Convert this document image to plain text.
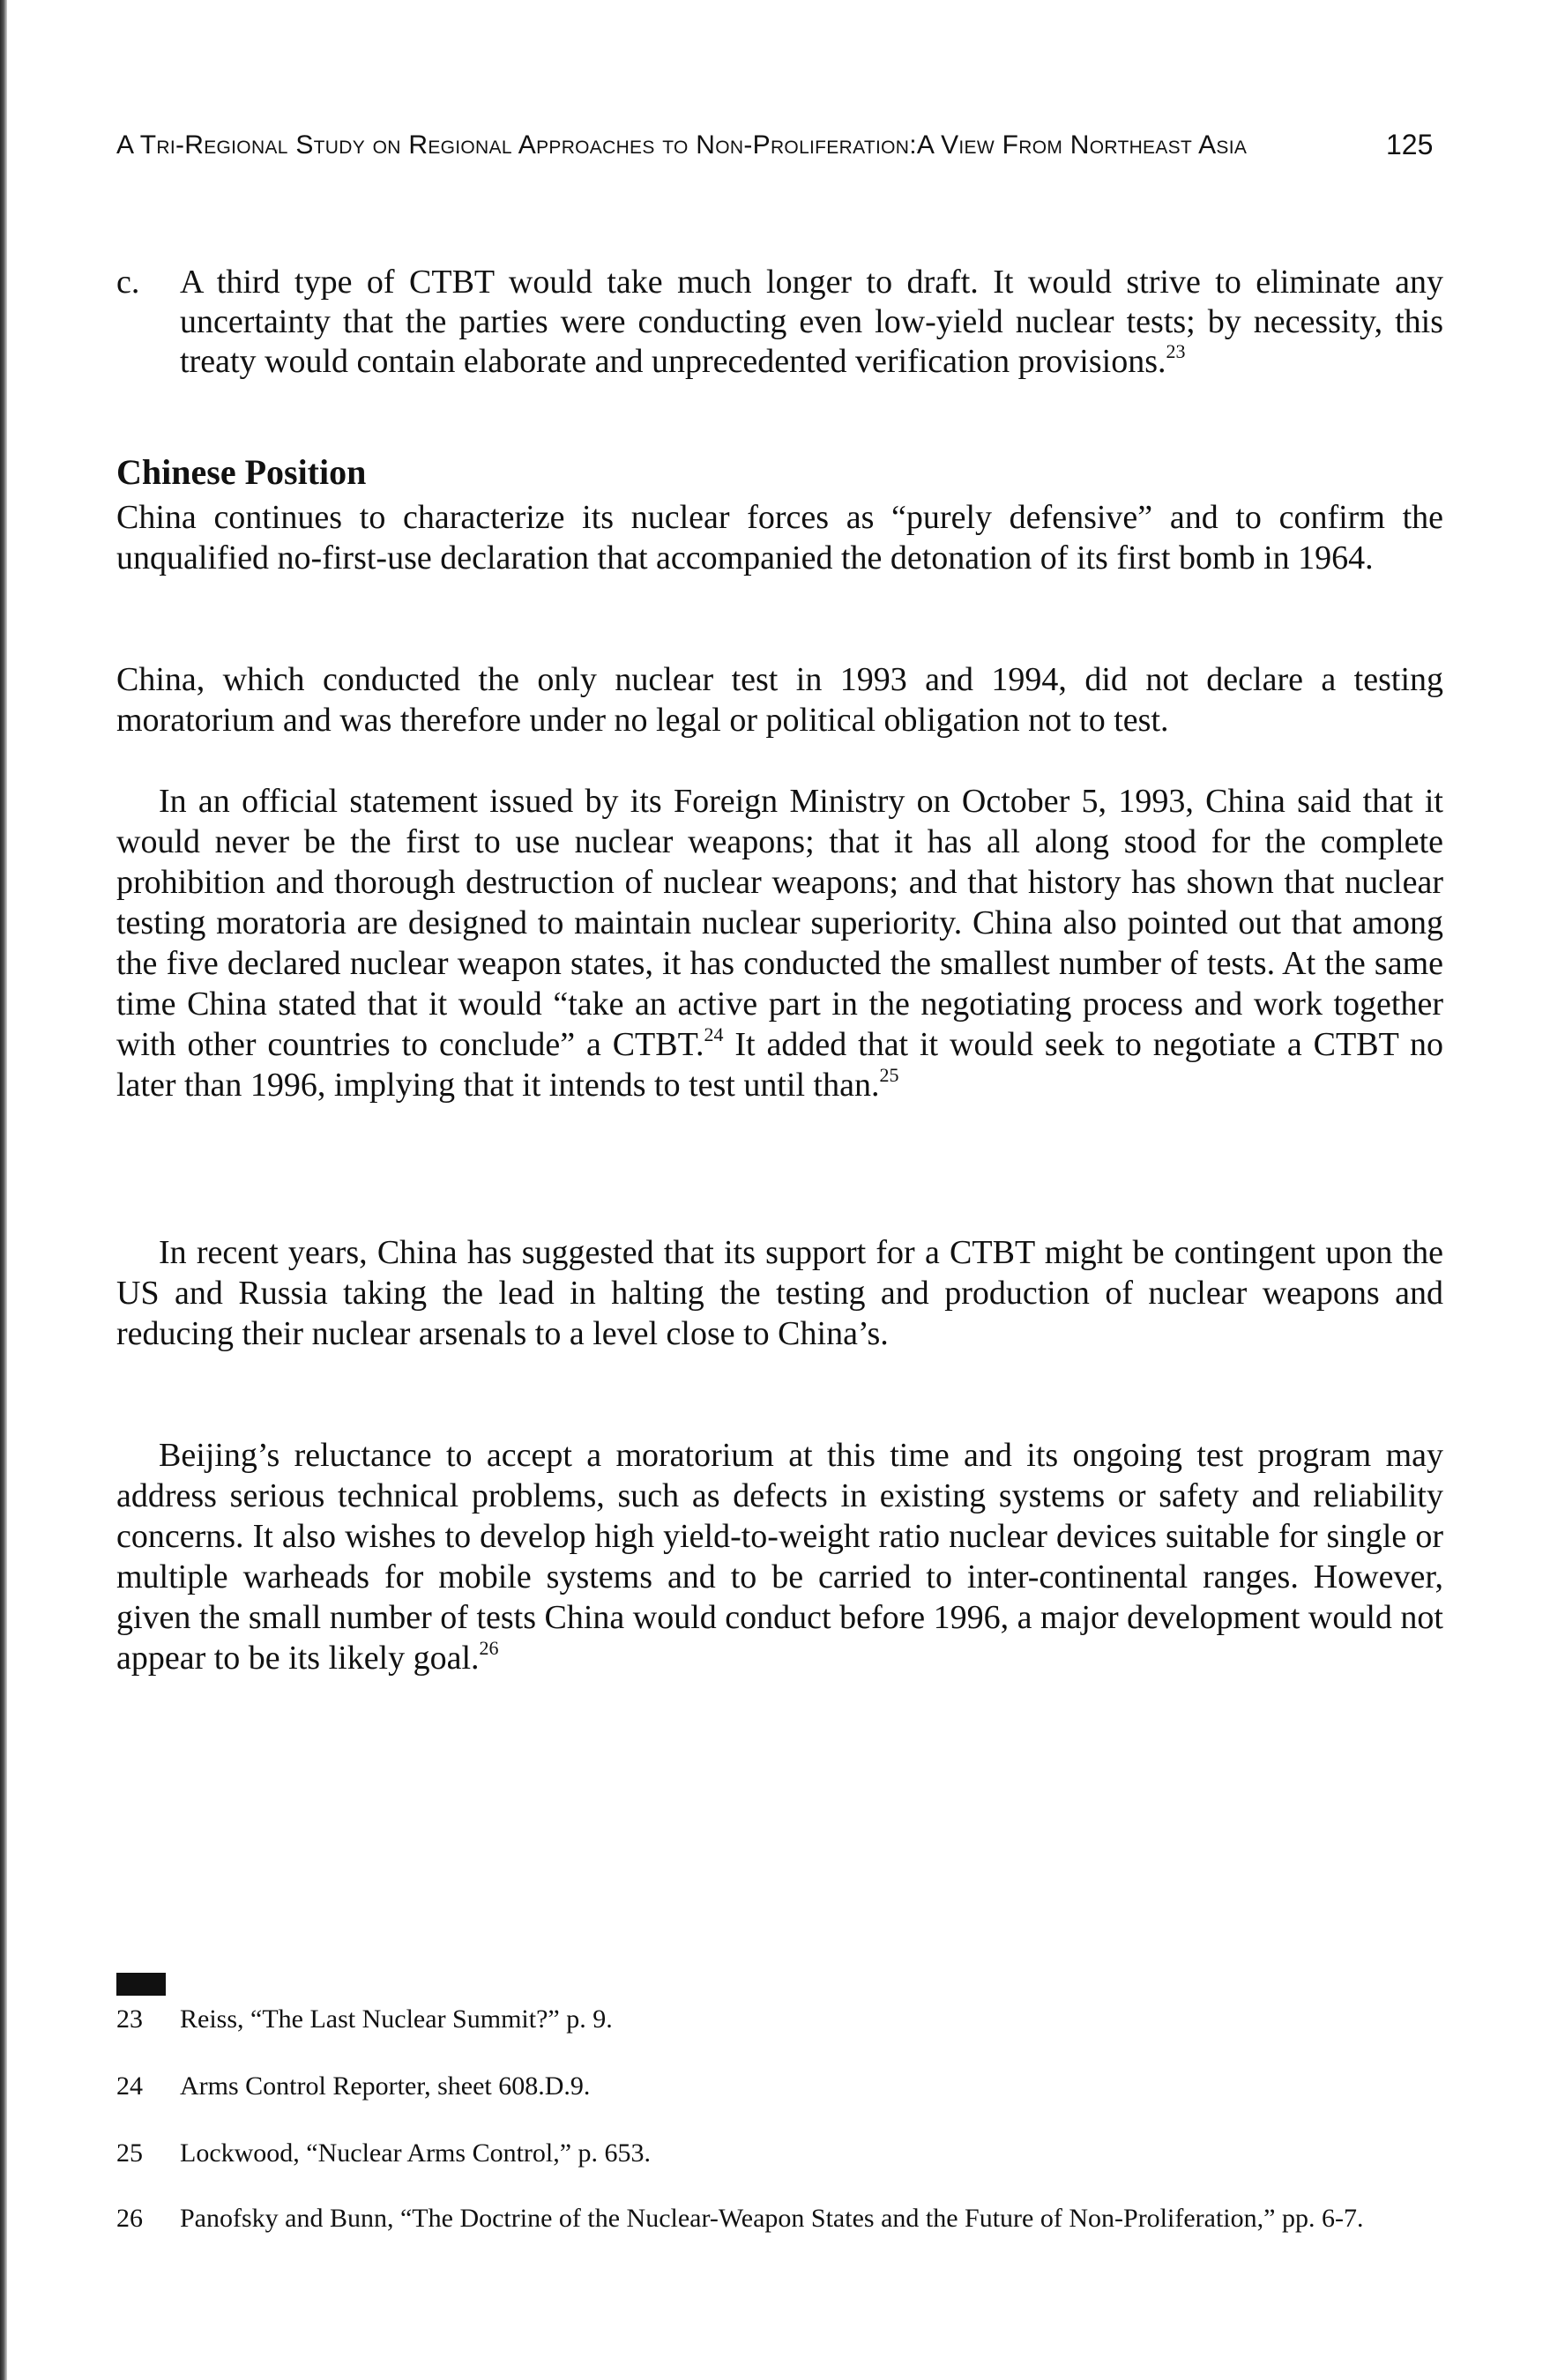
A Tri-Regional Study on Regional Approaches to Non-Proliferation:A View From Northeast Asia	125
c.	A third type of CTBT would take much longer to draft. It would strive to eliminate any uncertainty that the parties were conducting even low-yield nuclear tests; by necessity, this treaty would contain elaborate and unprecedented verification provisions.$^{23}$
Chinese Position
China continues to characterize its nuclear forces as “purely defensive” and to confirm the unqualified no-first-use declaration that accompanied the detonation of its first bomb in 1964.
China, which conducted the only nuclear test in 1993 and 1994, did not declare a testing moratorium and was therefore under no legal or political obligation not to test.
In an official statement issued by its Foreign Ministry on October 5, 1993, China said that it would never be the first to use nuclear weapons; that it has all along stood for the complete prohibition and thorough destruction of nuclear weapons; and that history has shown that nuclear testing moratoria are designed to maintain nuclear superiority. China also pointed out that among the five declared nuclear weapon states, it has conducted the smallest number of tests. At the same time China stated that it would “take an active part in the negotiating process and work together with other countries to conclude” a CTBT.$^{24}$ It added that it would seek to negotiate a CTBT no later than 1996, implying that it intends to test until than.$^{25}$
In recent years, China has suggested that its support for a CTBT might be contingent upon the US and Russia taking the lead in halting the testing and production of nuclear weapons and reducing their nuclear arsenals to a level close to China’s.
Beijing’s reluctance to accept a moratorium at this time and its ongoing test program may address serious technical problems, such as defects in existing systems or safety and reliability concerns. It also wishes to develop high yield-to-weight ratio nuclear devices suitable for single or multiple warheads for mobile systems and to be carried to inter-continental ranges. However, given the small number of tests China would conduct before 1996, a major development would not appear to be its likely goal.$^{26}$
23	Reiss, “The Last Nuclear Summit?” p. 9.
24	Arms Control Reporter, sheet 608.D.9.
25	Lockwood, “Nuclear Arms Control,” p. 653.
26	Panofsky and Bunn, “The Doctrine of the Nuclear-Weapon States and the Future of Non-Proliferation,” pp. 6-7.
